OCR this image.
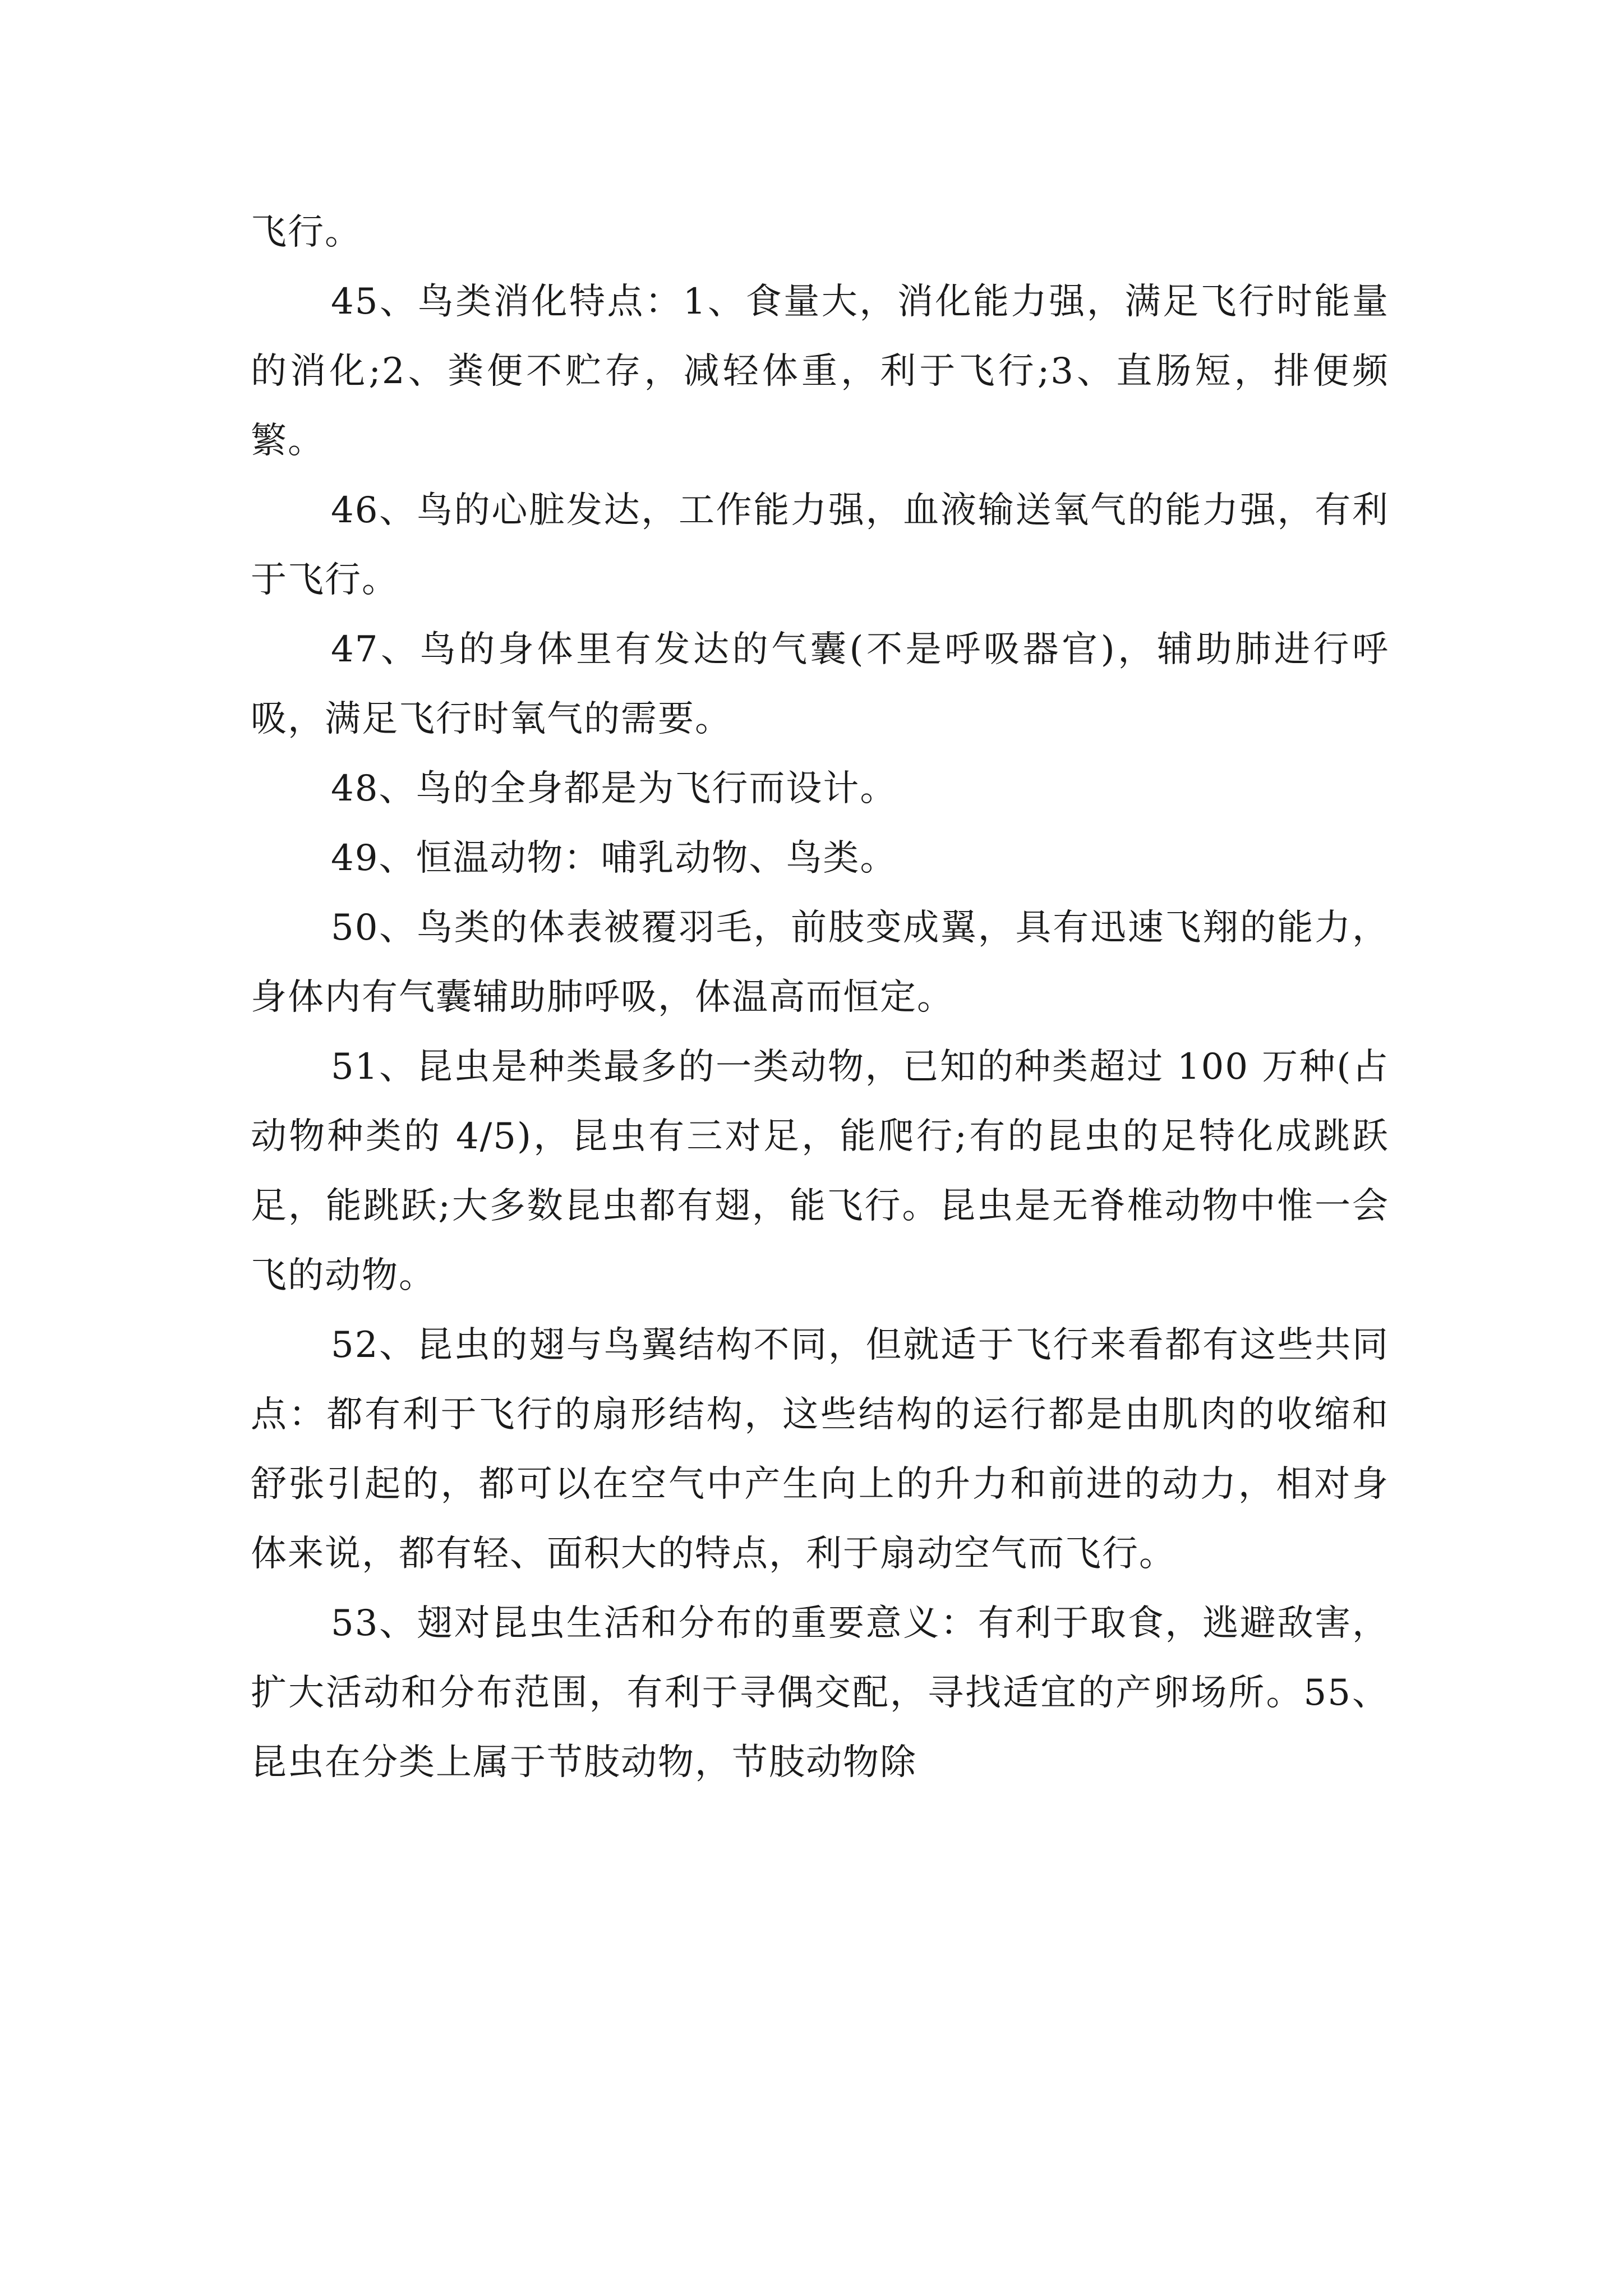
飞行。

45、鸟类消化特点：1、食量大，消化能力强，满足飞行时能量的消化;2、粪便不贮存，减轻体重，利于飞行;3、直肠短，排便频繁。

46、鸟的心脏发达，工作能力强，血液输送氧气的能力强，有利于飞行。

47、鸟的身体里有发达的气囊(不是呼吸器官)，辅助肺进行呼吸，满足飞行时氧气的需要。

48、鸟的全身都是为飞行而设计。

49、恒温动物：哺乳动物、鸟类。

50、鸟类的体表被覆羽毛，前肢变成翼，具有迅速飞翔的能力，身体内有气囊辅助肺呼吸，体温高而恒定。

51、昆虫是种类最多的一类动物，已知的种类超过 100 万种(占动物种类的 4/5)，昆虫有三对足，能爬行;有的昆虫的足特化成跳跃足，能跳跃;大多数昆虫都有翅，能飞行。昆虫是无脊椎动物中惟一会飞的动物。

52、昆虫的翅与鸟翼结构不同，但就适于飞行来看都有这些共同点：都有利于飞行的扇形结构，这些结构的运行都是由肌肉的收缩和舒张引起的，都可以在空气中产生向上的升力和前进的动力，相对身体来说，都有轻、面积大的特点，利于扇动空气而飞行。

53、翅对昆虫生活和分布的重要意义：有利于取食，逃避敌害，扩大活动和分布范围，有利于寻偶交配，寻找适宜的产卵场所。55、昆虫在分类上属于节肢动物，节肢动物除
